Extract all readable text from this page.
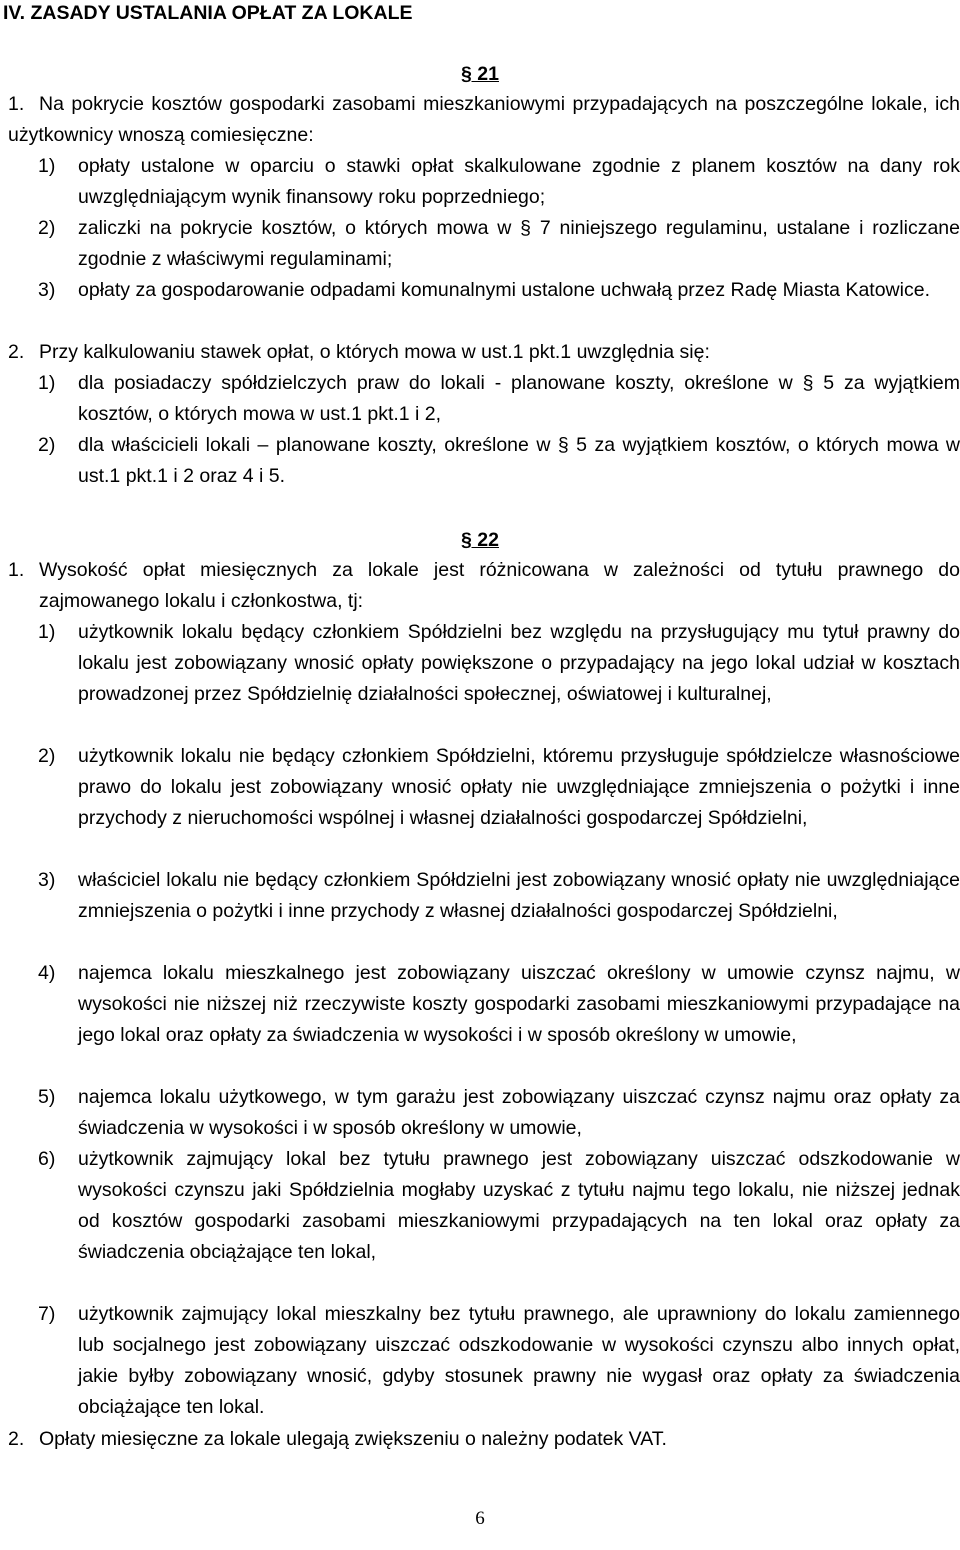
IV. ZASADY USTALANIA OPŁAT ZA LOKALE
§ 21
1. Na pokrycie kosztów gospodarki zasobami mieszkaniowymi przypadających na poszczególne lokale, ich użytkownicy wnoszą comiesięczne:
1)	opłaty ustalone w oparciu o stawki opłat skalkulowane zgodnie z planem kosztów na dany rok uwzględniającym wynik finansowy roku poprzedniego;
2)	zaliczki na pokrycie kosztów, o których mowa w § 7 niniejszego regulaminu, ustalane i rozliczane zgodnie z właściwymi regulaminami;
3)	opłaty za gospodarowanie odpadami komunalnymi ustalone uchwałą przez Radę Miasta Katowice.
2. Przy kalkulowaniu stawek opłat, o których mowa w ust.1 pkt.1 uwzględnia się:
1)	dla posiadaczy spółdzielczych praw do lokali - planowane koszty, określone w § 5 za wyjątkiem kosztów, o których mowa w ust.1 pkt.1 i 2,
2)	dla właścicieli lokali – planowane koszty, określone w § 5 za wyjątkiem kosztów, o których mowa w ust.1 pkt.1 i 2 oraz 4 i 5.
§ 22
1. Wysokość opłat miesięcznych za lokale jest różnicowana w zależności od tytułu prawnego do zajmowanego lokalu i członkostwa, tj:
1)	użytkownik lokalu będący członkiem Spółdzielni bez względu na przysługujący mu tytuł prawny do lokalu jest zobowiązany wnosić opłaty powiększone o przypadający na jego lokal udział w kosztach prowadzonej przez Spółdzielnię działalności społecznej, oświatowej i kulturalnej,
2)	użytkownik lokalu nie będący członkiem Spółdzielni, któremu przysługuje spółdzielcze własnościowe prawo do lokalu jest zobowiązany wnosić opłaty nie uwzględniające zmniejszenia o pożytki i inne przychody z nieruchomości wspólnej i własnej działalności gospodarczej Spółdzielni,
3)	właściciel lokalu nie będący członkiem Spółdzielni jest zobowiązany wnosić opłaty nie uwzględniające zmniejszenia o pożytki i inne przychody z własnej działalności gospodarczej Spółdzielni,
4)	najemca lokalu mieszkalnego jest zobowiązany uiszczać określony w umowie czynsz najmu, w wysokości nie niższej niż rzeczywiste koszty gospodarki zasobami mieszkaniowymi przypadające na jego lokal oraz opłaty za świadczenia w wysokości i w sposób określony w umowie,
5)	najemca lokalu użytkowego, w tym garażu jest zobowiązany uiszczać czynsz najmu oraz opłaty za świadczenia w wysokości i w sposób określony w umowie,
6)	użytkownik zajmujący lokal bez tytułu prawnego jest zobowiązany uiszczać odszkodowanie w wysokości czynszu jaki Spółdzielnia mogłaby uzyskać z tytułu najmu tego lokalu, nie niższej jednak od kosztów gospodarki zasobami mieszkaniowymi przypadających na ten lokal oraz opłaty za świadczenia obciążające ten lokal,
7)	użytkownik zajmujący lokal mieszkalny bez tytułu prawnego, ale uprawniony do lokalu zamiennego lub socjalnego jest zobowiązany uiszczać odszkodowanie w wysokości czynszu albo innych opłat, jakie byłby zobowiązany wnosić, gdyby stosunek prawny nie wygasł oraz opłaty za świadczenia obciążające ten lokal.
2. Opłaty miesięczne za lokale ulegają zwiększeniu o należny podatek VAT.
6
